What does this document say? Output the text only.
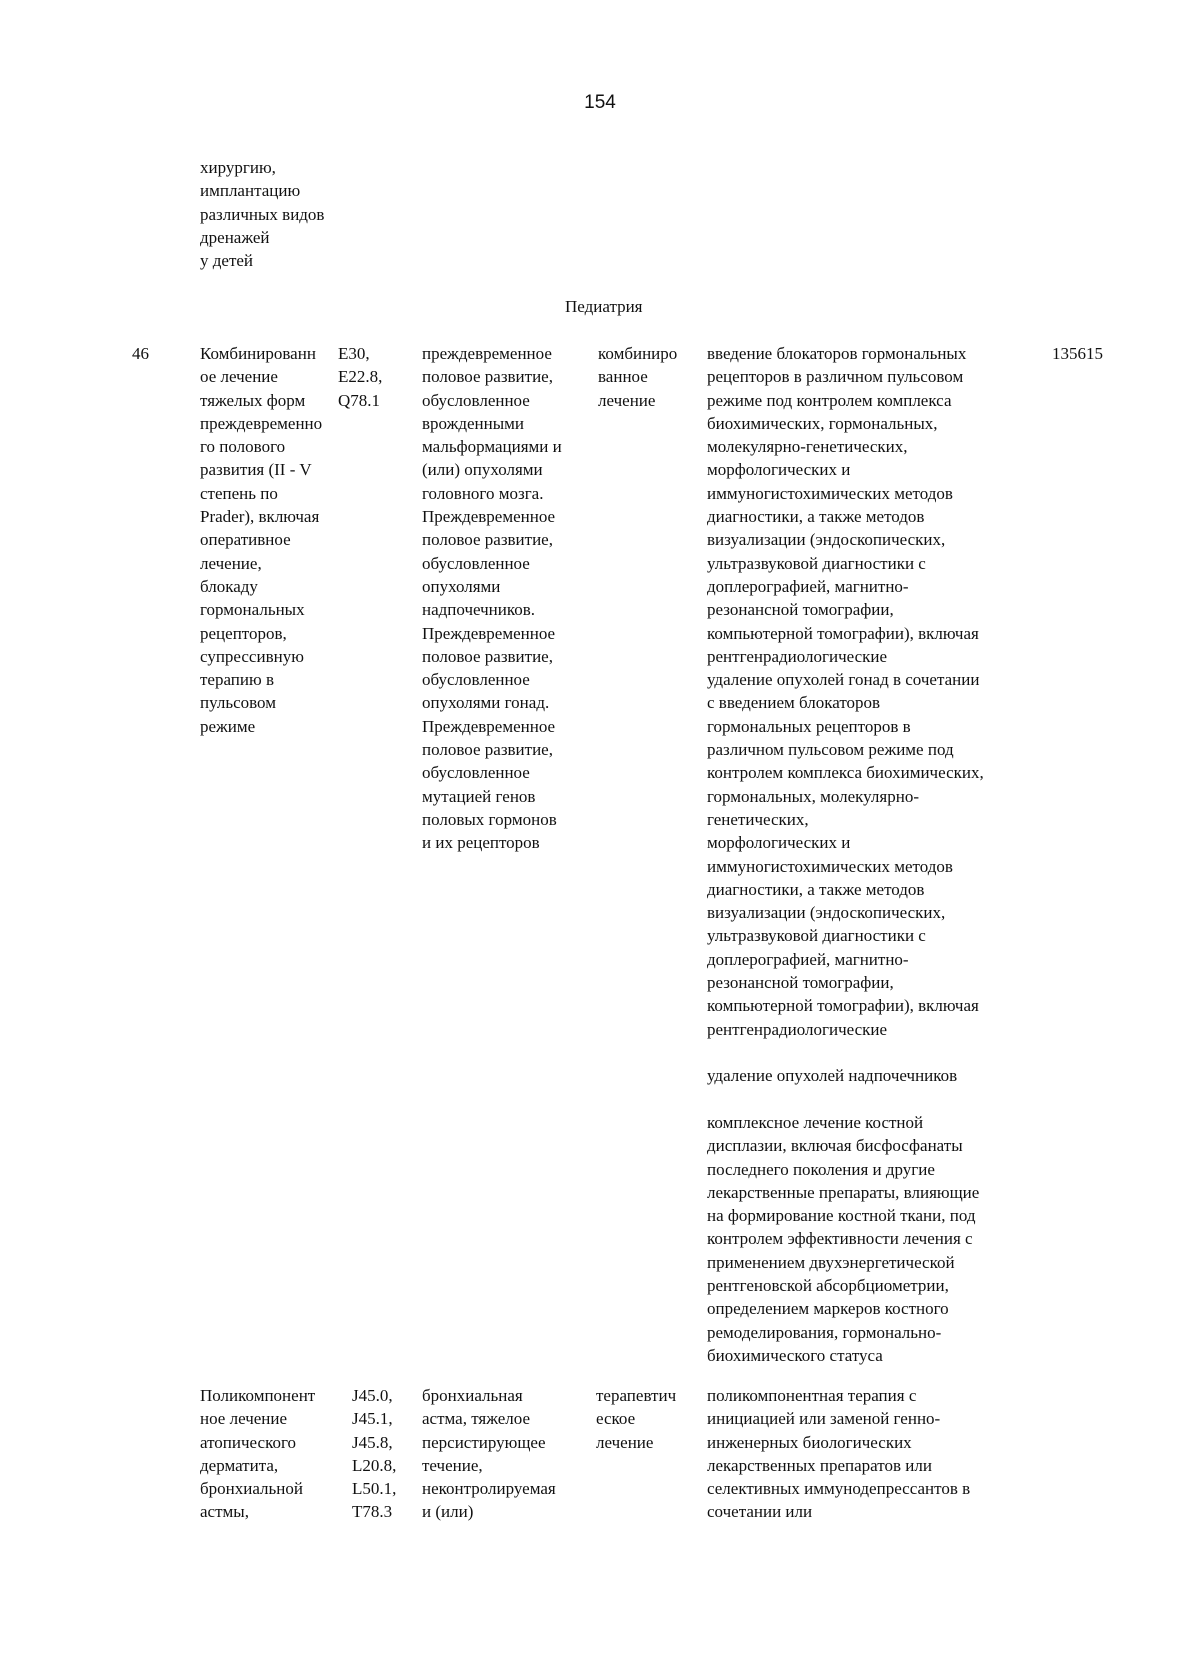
154
хирургию,
имплантацию
различных видов
дренажей
у детей
Педиатрия
46	Комбинированн
ое лечение
тяжелых форм
преждевременно
го полового
развития (II - V
степень по
Prader), включая
оперативное
лечение,
блокаду
гормональных
рецепторов,
супрессивную
терапию в
пульсовом
режиме
E30,
E22.8,
Q78.1
преждевременное
половое развитие,
обусловленное
врожденными
мальформациями и
(или) опухолями
головного мозга.
Преждевременное
половое развитие,
обусловленное
опухолями
надпочечников.
Преждевременное
половое развитие,
обусловленное
опухолями гонад.
Преждевременное
половое развитие,
обусловленное
мутацией генов
половых гормонов
и их рецепторов
комбиниро
ванное
лечение
введение блокаторов гормональных
рецепторов в различном пульсовом
режиме под контролем комплекса
биохимических, гормональных,
молекулярно-генетических,
морфологических и
иммуногистохимических методов
диагностики, а также методов
визуализации (эндоскопических,
ультразвуковой диагностики с
доплерографией, магнитно-
резонансной томографии,
компьютерной томографии), включая
рентгенрадиологические
удаление опухолей гонад в сочетании
с введением блокаторов
гормональных рецепторов в
различном пульсовом режиме под
контролем комплекса биохимических,
гормональных, молекулярно-
генетических,
морфологических и
иммуногистохимических методов
диагностики, а также методов
визуализации (эндоскопических,
ультразвуковой диагностики с
доплерографией, магнитно-
резонансной томографии,
компьютерной томографии), включая
рентгенрадиологические
удаление опухолей надпочечников
комплексное лечение костной
дисплазии, включая бисфосфанаты
последнего поколения и другие
лекарственные препараты, влияющие
на формирование костной ткани, под
контролем эффективности лечения с
применением двухэнергетической
рентгеновской абсорбциометрии,
определением маркеров костного
ремоделирования, гормонально-
биохимического статуса
135615
Поликомпонент
ное лечение
атопического
дерматита,
бронхиальной
астмы,
J45.0,
J45.1,
J45.8,
L20.8,
L50.1,
T78.3
бронхиальная
астма, тяжелое
персистирующее
течение,
неконтролируемая
и (или)
терапевтич
еское
лечение
поликомпонентная терапия с
инициацией или заменой генно-
инженерных биологических
лекарственных препаратов или
селективных иммунодепрессантов в
сочетании или
